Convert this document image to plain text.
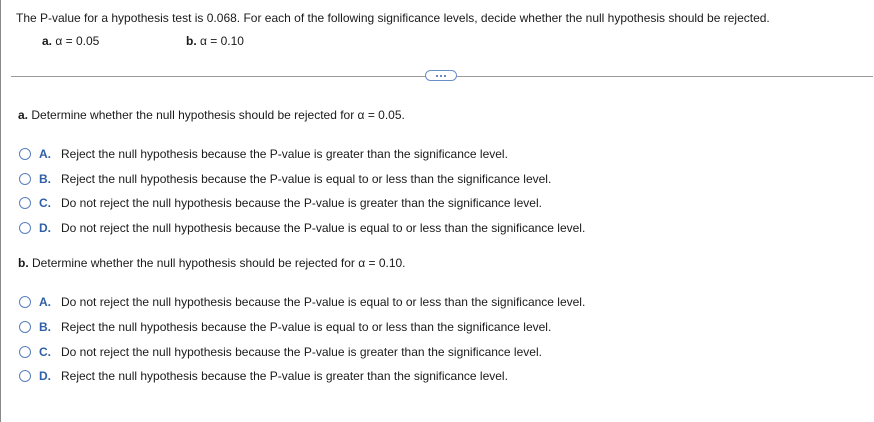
The P-value for a hypothesis test is 0.068. For each of the following significance levels, decide whether the null hypothesis should be rejected.
a. α = 0.05	b. α = 0.10
a. Determine whether the null hypothesis should be rejected for α = 0.05.
A. Reject the null hypothesis because the P-value is greater than the significance level.
B. Reject the null hypothesis because the P-value is equal to or less than the significance level.
C. Do not reject the null hypothesis because the P-value is greater than the significance level.
D. Do not reject the null hypothesis because the P-value is equal to or less than the significance level.
b. Determine whether the null hypothesis should be rejected for α = 0.10.
A. Do not reject the null hypothesis because the P-value is equal to or less than the significance level.
B. Reject the null hypothesis because the P-value is equal to or less than the significance level.
C. Do not reject the null hypothesis because the P-value is greater than the significance level.
D. Reject the null hypothesis because the P-value is greater than the significance level.
